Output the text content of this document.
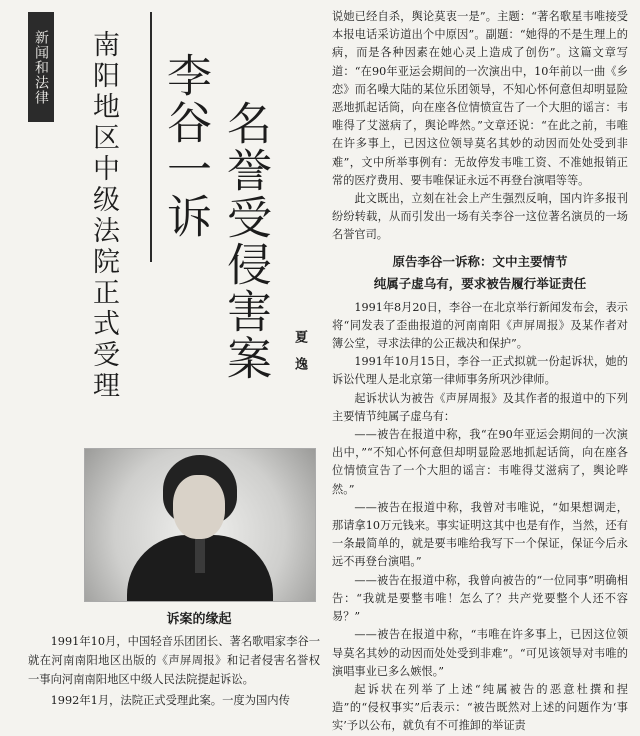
新闻和法律 南阳地区中级法院正式受理 李谷一诉 名誉受侵害案 夏逸
诉案的缘起

1991年10月，中国轻音乐团团长、著名歌唱家李谷一就在河南南阳地区出版的《声屏周报》和记者侵害名誉权一事向河南南阳地区中级人民法院提起诉讼。

1992年1月，法院正式受理此案。一度为国内传

说她已经自杀，舆论莫衷一是”。主题：“著名歌星韦唯接受本报电话采访道出个中原因”。副题：“她得的不是生理上的病，而是各种因素在她心灵上造成了创伤”。这篇文章写道：“在90年亚运会期间的一次演出中，10年前以一曲《乡恋》而名噪大陆的某位乐团领导，不知心怀何意但却明显险恶地抓起话筒，向在座各位情愤宣告了一个大胆的谣言：韦唯得了艾滋病了，舆论哗然。”文章还说：“在此之前，韦唯在许多事上，已因这位领导莫名其妙的动因而处处受到非难”，文中所举事例有：无故停发韦唯工资、不准她报销正常的医疗费用、要韦唯保证永远不再登台演唱等等。

此文既出，立刻在社会上产生强烈反响，国内许多报刊纷纷转载，从而引发出一场有关李谷一这位著名演员的一场名誉官司。

原告李谷一诉称：文中主要情节
纯属子虚乌有，要求被告履行举证责任

1991年8月20日，李谷一在北京举行新闻发布会，表示将“同发表了歪曲报道的河南南阳《声屏周报》及某作者对簿公堂，寻求法律的公正裁决和保护”。

1991年10月15日，李谷一正式拟就一份起诉状，她的诉讼代理人是北京第一律师事务所巩沙律师。

起诉状认为被告《声屏周报》及其作者的报道中的下列主要情节纯属子虚乌有：

——被告在报道中称，我“在90年亚运会期间的一次演出中，”“不知心怀何意但却明显险恶地抓起话筒，向在座各位情愤宣告了一个大胆的谣言：韦唯得艾滋病了，舆论哗然。”

——被告在报道中称，我曾对韦唯说，“如果想调走，那请拿10万元钱来。事实证明这其中也是有作，当然，还有一条最简单的，就是要韦唯给我写下一个保证，保证今后永远不再登台演唱。”

——被告在报道中称，我曾向被告的“一位同事”明确相告：“我就是要整韦唯！怎么了？共产党要整个人还不容易？”

——被告在报道中称，“韦唯在许多事上，已因这位领导莫名其妙的动因而处处受到非难”。“可见该领导对韦唯的演唱事业已多么嫉恨。”

起诉状在列举了上述“纯属被告的恶意杜撰和捏造”的“侵权事实”后表示：“被告既然对上述的问题作为‘事实’予以公布，就负有不可推卸的举证责
